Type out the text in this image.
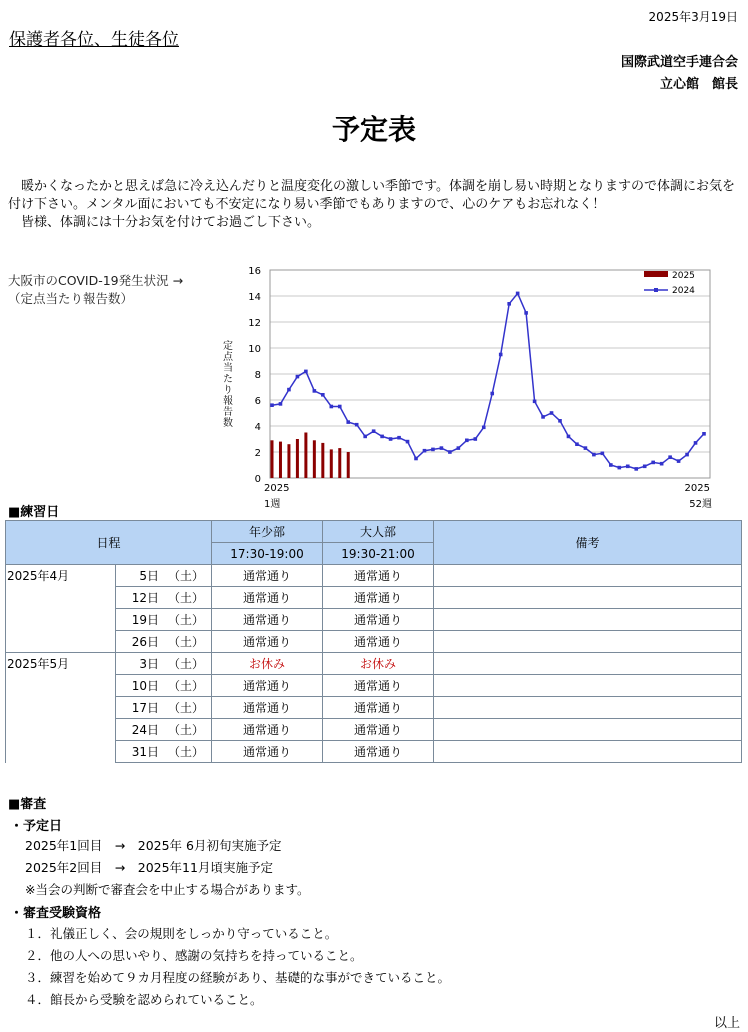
2025年3月19日
保護者各位、生徒各位
国際武道空手連合会
立心館　館長
予定表

　暖かくなったかと思えば急に冷え込んだりと温度変化の激しい季節です。体調を崩し易い時期となりますので体調にお気を付け下さい。メンタル面においても不安定になり易い季節でもありますので、心のケアもお忘れなく！

　皆様、体調には十分お気を付けてお過ごし下さい。

大阪市のCOVID-19発生状況 →
（定点当たり報告数）
0
2
4
6
8
10
12
14
16
定点当たり報告数
2025
1週
2025
52週
2025
2024
■練習日
日程			年少部	大人部	備考
			17:30-19:00	19:30-21:00	
2025年4月	5日	（土）	通常通り	通常通り	
	12日	（土）	通常通り	通常通り	
	19日	（土）	通常通り	通常通り	
	26日	（土）	通常通り	通常通り	
2025年5月	3日	（土）	お休み	お休み	
	10日	（土）	通常通り	通常通り	
	17日	（土）	通常通り	通常通り	
	24日	（土）	通常通り	通常通り	
	31日	（土）	通常通り	通常通り	
■審査
・予定日
2025年1回目　→　2025年 6月初旬実施予定
2025年2回目　→　2025年11月頃実施予定
※当会の判断で審査会を中止する場合があります。
・審査受験資格
１．礼儀正しく、会の規則をしっかり守っていること。
２．他の人への思いやり、感謝の気持ちを持っていること。
３．練習を始めて９カ月程度の経験があり、基礎的な事ができていること。
４．館長から受験を認められていること。
以上
